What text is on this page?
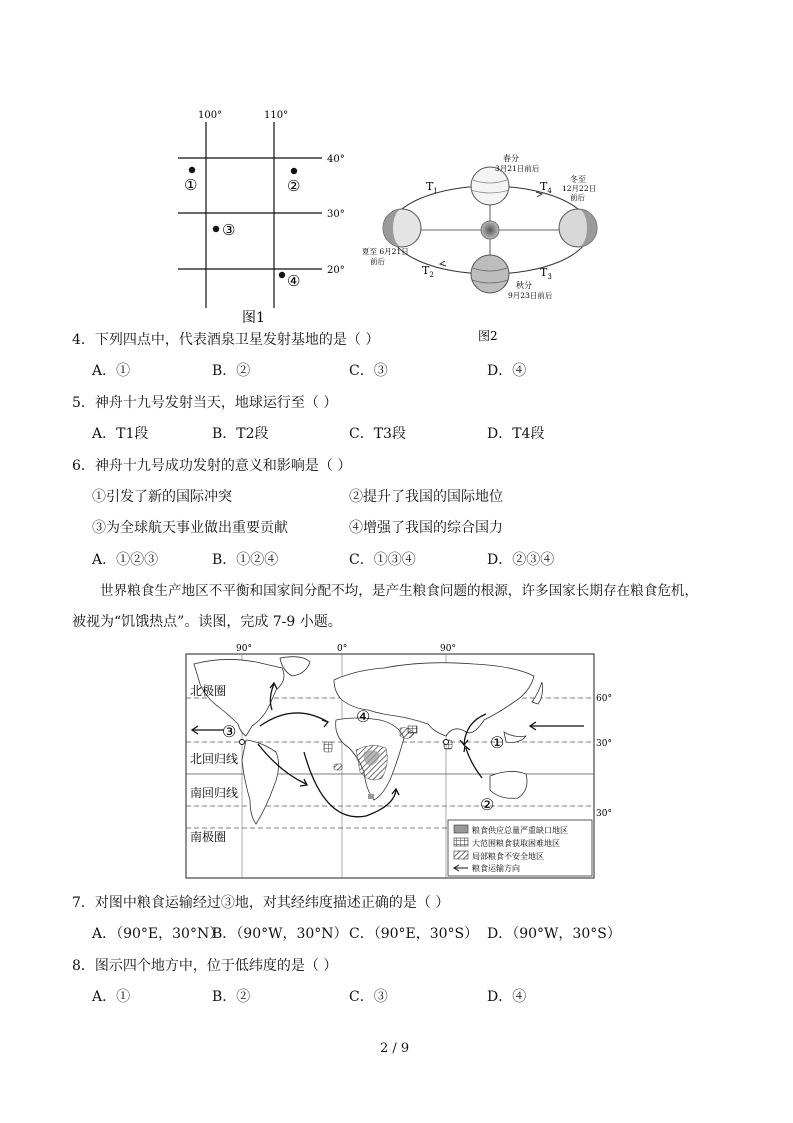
100°	110°
40°
30°
20°
①	②
③
④
图1
春分
3月21日前后
冬至
12月22日
前后
夏至 6月21日
前后
秋分
9月23日前后
$T_1$
$T_2$	$T_3$
$T_4$
图2
4．下列四点中，代表酒泉卫星发射基地的是（ ）
A．①	B．②	C．③	D．④
5．神舟十九号发射当天，地球运行至（ ）
A．T1段	B．T2段	C．T3段	D．T4段
6．神舟十九号成功发射的意义和影响是（ ）
①引发了新的国际冲突	②提升了我国的国际地位
③为全球航天事业做出重要贡献	④增强了我国的综合国力
A．①②③	B．①②④	C．①③④	D．②③④
世界粮食生产地区不平衡和国家间分配不均，是产生粮食问题的根源，许多国家长期存在粮食危机，
被视为“饥饿热点”。读图，完成 7-9 小题。
90°	0°	90°
60°
30°
30°
北极圈
北回归线
南回归线
南极圈
①
②
③
④
粮食供应总量严重缺口地区
大范围粮食获取困难地区
局部粮食不安全地区
粮食运输方向
7．对图中粮食运输经过③地，对其经纬度描述正确的是（ ）
A．（90°E，30°N）
B．（90°W，30°N） C．（90°E，30°S） D．（90°W，30°S）
8．图示四个地方中，位于低纬度的是（ ）
A．①	B．②	C．③	D．④
2 / 9
